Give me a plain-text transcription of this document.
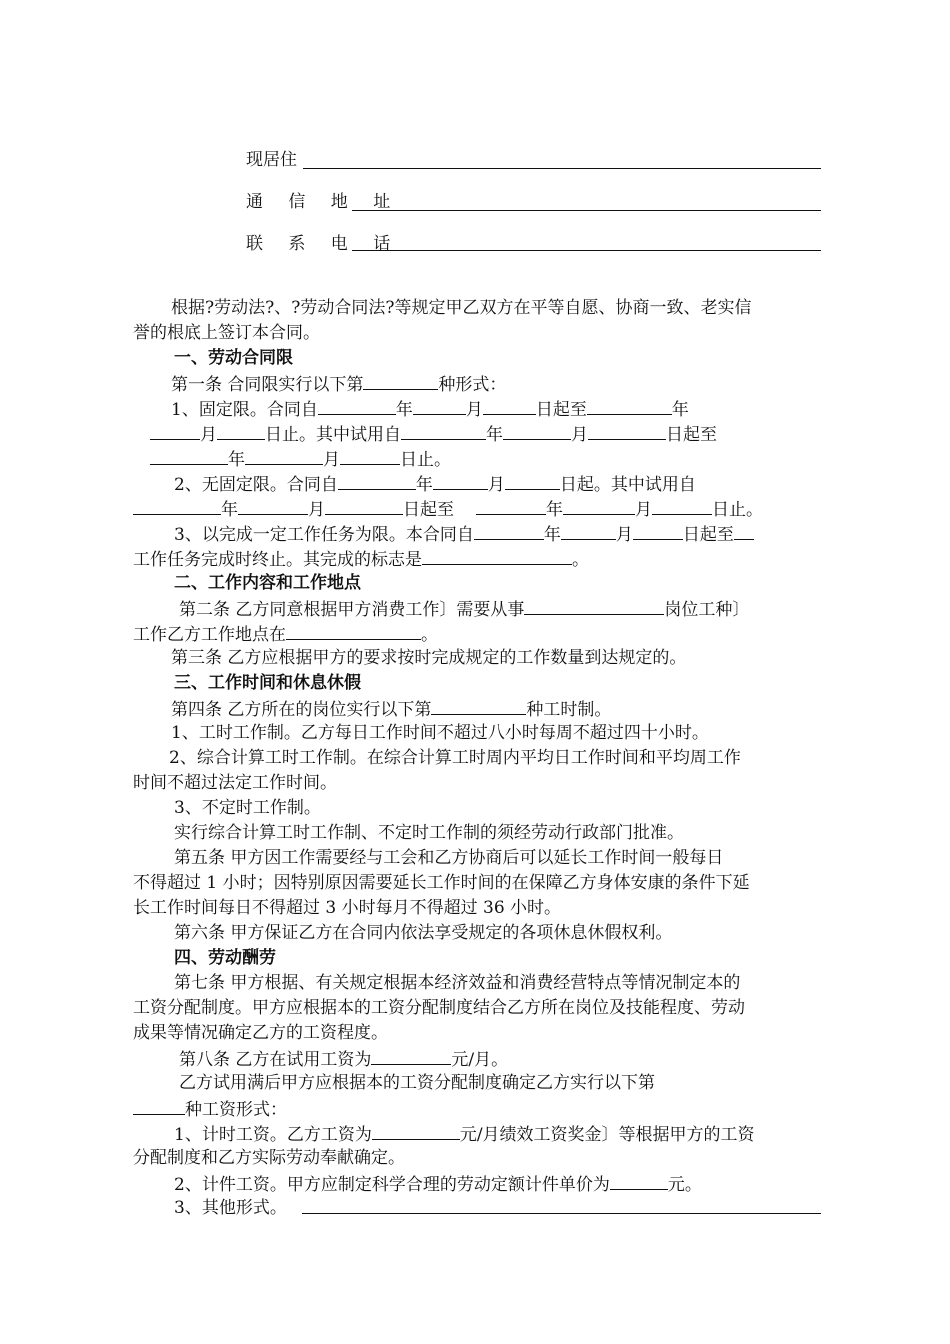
现居住
通 信 地 址
联 系 电 话
根据?劳动法?、?劳动合同法?等规定甲乙双方在平等自愿、协商一致、老实信
誉的根底上签订本合同。
一、劳动合同限
第一条 合同限实行以下第	种形式：
1、固定限。合同自	年	月	日起至	年
月	日止。其中试用自	年	月	日起至
年	月	日止。
2、无固定限。合同自	年	月	日起。其中试用自
年	月	日起至	年	月	日止。
3、以完成一定工作任务为限。本合同自	年	月	日起至
工作任务完成时终止。其完成的标志是	。
二、工作内容和工作地点
第二条 乙方同意根据甲方消费工作〕需要从事	岗位工种〕
工作乙方工作地点在	。
第三条 乙方应根据甲方的要求按时完成规定的工作数量到达规定的。
三、工作时间和休息休假
第四条 乙方所在的岗位实行以下第	种工时制。
1、工时工作制。乙方每日工作时间不超过八小时每周不超过四十小时。
2、综合计算工时工作制。在综合计算工时周内平均日工作时间和平均周工作
时间不超过法定工作时间。
3、不定时工作制。
实行综合计算工时工作制、不定时工作制的须经劳动行政部门批准。
第五条 甲方因工作需要经与工会和乙方协商后可以延长工作时间一般每日
不得超过 1 小时；因特别原因需要延长工作时间的在保障乙方身体安康的条件下延
长工作时间每日不得超过 3 小时每月不得超过 36 小时。
第六条 甲方保证乙方在合同内依法享受规定的各项休息休假权利。
四、劳动酬劳
第七条 甲方根据、有关规定根据本经济效益和消费经营特点等情况制定本的
工资分配制度。甲方应根据本的工资分配制度结合乙方所在岗位及技能程度、劳动
成果等情况确定乙方的工资程度。
第八条 乙方在试用工资为	元/月。
乙方试用满后甲方应根据本的工资分配制度确定乙方实行以下第
种工资形式：
1、计时工资。乙方工资为	元/月绩效工资奖金〕等根据甲方的工资
分配制度和乙方实际劳动奉献确定。
2、计件工资。甲方应制定科学合理的劳动定额计件单价为	元。
3、其他形式。
